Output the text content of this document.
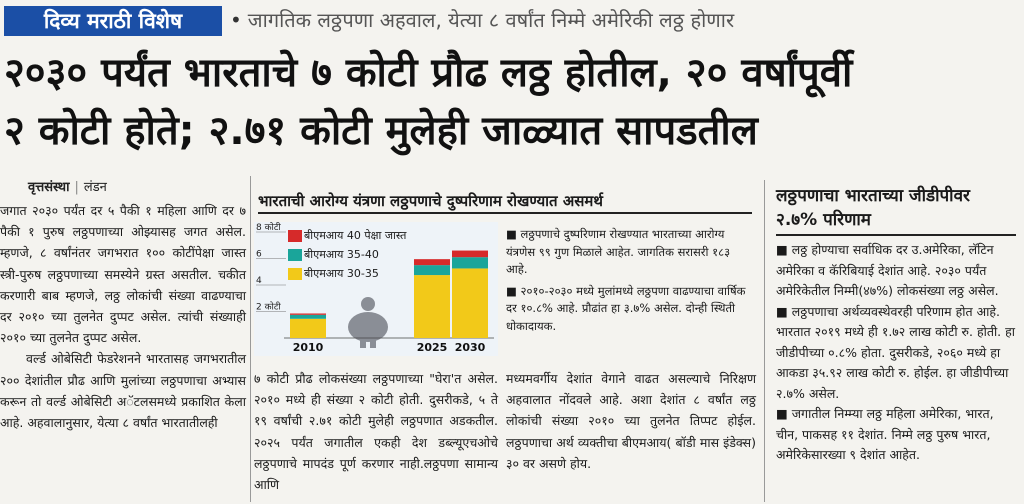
दिव्य मराठी विशेष	• जागतिक लठ्ठपणा अहवाल, येत्या ८ वर्षांत निम्मे अमेरिकी लठ्ठ होणार
२०३० पर्यंत भारताचे ७ कोटी प्रौढ लठ्ठ होतील, २० वर्षांपूर्वी
२ कोटी होते; २.७१ कोटी मुलेही जाळ्यात सापडतील
वृत्तसंस्था | लंडन

जगात २०३० पर्यंत दर ५ पैकी १ महिला आणि दर ७ पैकी १ पुरुष लठ्ठपणाच्या ओझ्यासह जगत असेल. म्हणजे, ८ वर्षांनंतर जगभरात १०० कोटींपेक्षा जास्त स्त्री-पुरुष लठ्ठपणाच्या समस्येने ग्रस्त असतील. चकीत करणारी बाब म्हणजे, लठ्ठ लोकांची संख्या वाढण्याचा दर २०१० च्या तुलनेत दुप्पट असेल. त्यांची संख्याही २०१० च्या तुलनेत दुप्पट असेल.

वर्ल्ड ओबेसिटी फेडरेशनने भारतासह जगभरातील २०० देशांतील प्रौढ आणि मुलांच्या लठ्ठपणाचा अभ्यास करून तो वर्ल्ड ओबेसिटी अॅटलसमध्ये प्रकाशित केला आहे. अहवालानुसार, येत्या ८ वर्षांत भारतातीलही

भारताची आरोग्य यंत्रणा लठ्ठपणाचे दुष्परिणाम रोखण्यात असमर्थ
8 कोटी
6
4
2 कोटी
2010	2025 2030
बीएमआय 40 पेक्षा जास्त
बीएमआय 35-40
बीएमआय 30-35

■ लठ्ठपणाचे दुष्परिणाम रोखण्यात भारताच्या आरोग्य यंत्रणेस ९९ गुण मिळाले आहेत. जागतिक सरासरी १८३ आहे.

■ २०१०-२०३० मध्ये मुलांमध्ये लठ्ठपणा वाढण्याचा वार्षिक दर १०.८% आहे. प्रौढांत हा ३.७% असेल. दोन्ही स्थिती धोकादायक.

७ कोटी प्रौढ लोकसंख्या लठ्ठपणाच्या "घेरा'त असेल. २०१० मध्ये ही संख्या २ कोटी होती. दुसरीकडे, ५ ते १९ वर्षांची २.७१ कोटी मुलेही लठ्ठपणात अडकतील. २०२५ पर्यंत जगातील एकही देश डब्ल्यूएचओचे लठ्ठपणाचे मापदंड पूर्ण करणार नाही.लठ्ठपणा सामान्य आणि

मध्यमवर्गीय देशांत वेगाने वाढत असल्याचे निरिक्षण अहवालात नोंदवले आहे. अशा देशांत ८ वर्षांत लठ्ठ लोकांची संख्या २०१० च्या तुलनेत तिप्पट होईल. लठ्ठपणाचा अर्थ व्यक्तीचा बीएमआय( बॉडी मास इंडेक्स) ३० वर असणे होय.

लठ्ठपणाचा भारताच्या जीडीपीवर २.७% परिणाम

■ लठ्ठ होण्याचा सर्वाधिक दर उ.अमेरिका, लॅटिन अमेरिका व कॅरिबियाई देशांत आहे. २०३० पर्यंत अमेरिकेतील निम्मी(४७%) लोकसंख्या लठ्ठ असेल.

■ लठ्ठपणाचा अर्थव्यवस्थेवरही परिणाम होत आहे. भारतात २०१९ मध्ये ही १.७२ लाख कोटी रु. होती. हा जीडीपीच्या ०.८% होता. दुसरीकडे, २०६० मध्ये हा आकडा ३५.९२ लाख कोटी रु. होईल. हा जीडीपीच्या २.७% असेल.

■ जगातील निम्म्या लठ्ठ महिला अमेरिका, भारत, चीन, पाकसह ११ देशांत. निम्मे लठ्ठ पुरुष भारत, अमेरिकेसारख्या ९ देशांत आहेत.
